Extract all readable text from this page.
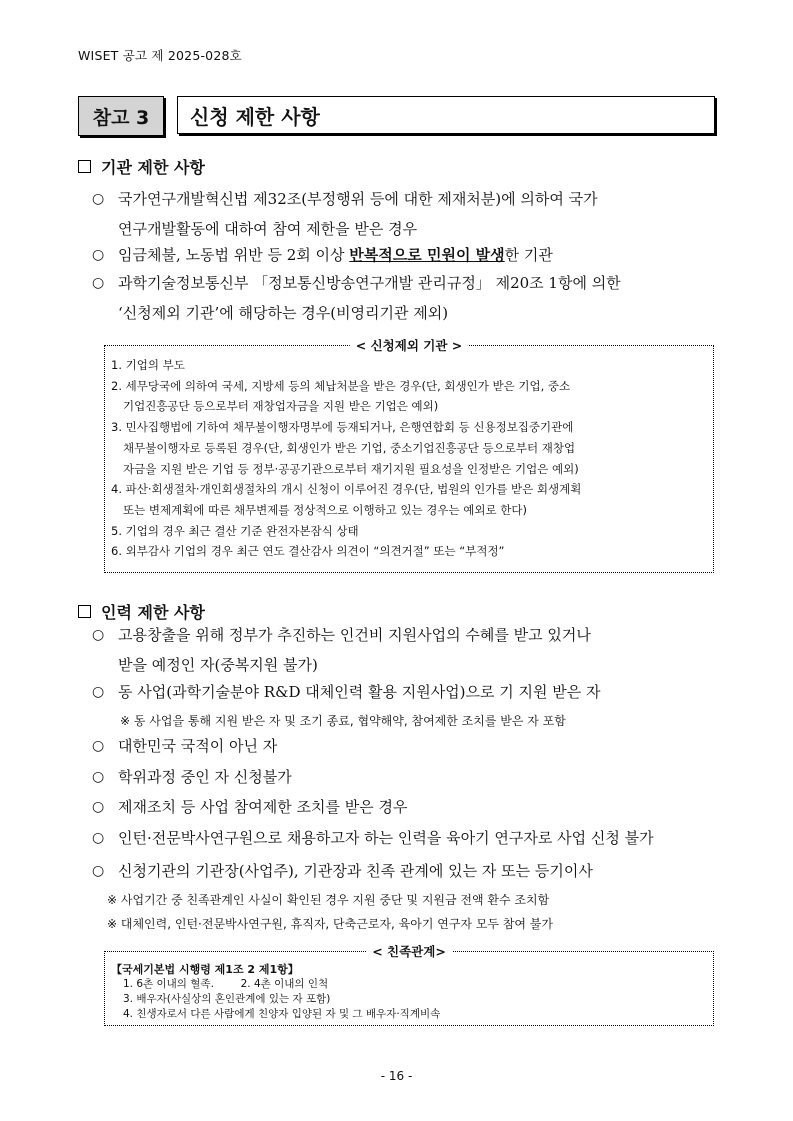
WISET 공고 제 2025-028호
참고 3	신청 제한 사항
기관 제한 사항
○ 국가연구개발혁신법 제32조(부정행위 등에 대한 제재처분)에 의하여 국가
연구개발활동에 대하여 참여 제한을 받은 경우
○ 임금체불, 노동법 위반 등 2회 이상 반복적으로 민원이 발생한 기관
○ 과학기술정보통신부 「정보통신방송연구개발 관리규정」 제20조 1항에 의한
‘신청제외 기관’에 해당하는 경우(비영리기관 제외)
1. 기업의 부도
2. 세무당국에 의하여 국세, 지방세 등의 체납처분을 받은 경우(단, 회생인가 받은 기업, 중소
기업진흥공단 등으로부터 재창업자금을 지원 받은 기업은 예외)
3. 민사집행법에 기하여 채무불이행자명부에 등재되거나, 은행연합회 등 신용정보집중기관에
채무불이행자로 등록된 경우(단, 회생인가 받은 기업, 중소기업진흥공단 등으로부터 재창업
자금을 지원 받은 기업 등 정부·공공기관으로부터 재기지원 필요성을 인정받은 기업은 예외)
4. 파산·회생절차·개인회생절차의 개시 신청이 이루어진 경우(단, 법원의 인가를 받은 회생계획
또는 변제계획에 따른 채무변제를 정상적으로 이행하고 있는 경우는 예외로 한다)
5. 기업의 경우 최근 결산 기준 완전자본잠식 상태
6. 외부감사 기업의 경우 최근 연도 결산감사 의견이 “의견거절” 또는 “부적정”
< 신청제외 기관 >
인력 제한 사항
○ 고용창출을 위해 정부가 추진하는 인건비 지원사업의 수혜를 받고 있거나
받을 예정인 자(중복지원 불가)
○ 동 사업(과학기술분야 R&D 대체인력 활용 지원사업)으로 기 지원 받은 자
※ 동 사업을 통해 지원 받은 자 및 조기 종료, 협약해약, 참여제한 조치를 받은 자 포함
○ 대한민국 국적이 아닌 자
○ 학위과정 중인 자 신청불가
○ 제재조치 등 사업 참여제한 조치를 받은 경우
○ 인턴·전문박사연구원으로 채용하고자 하는 인력을 육아기 연구자로 사업 신청 불가
○ 신청기관의 기관장(사업주), 기관장과 친족 관계에 있는 자 또는 등기이사
※ 사업기간 중 친족관계인 사실이 확인된 경우 지원 중단 및 지원금 전액 환수 조치함
※ 대체인력, 인턴·전문박사연구원, 휴직자, 단축근로자, 육아기 연구자 모두 참여 불가
【국세기본법 시행령 제1조 2 제1항】
1. 6촌 이내의 혈족.        2. 4촌 이내의 인척
3. 배우자(사실상의 혼인관계에 있는 자 포함)
4. 친생자로서 다른 사람에게 친양자 입양된 자 및 그 배우자·직계비속
< 친족관계>
- 16 -
